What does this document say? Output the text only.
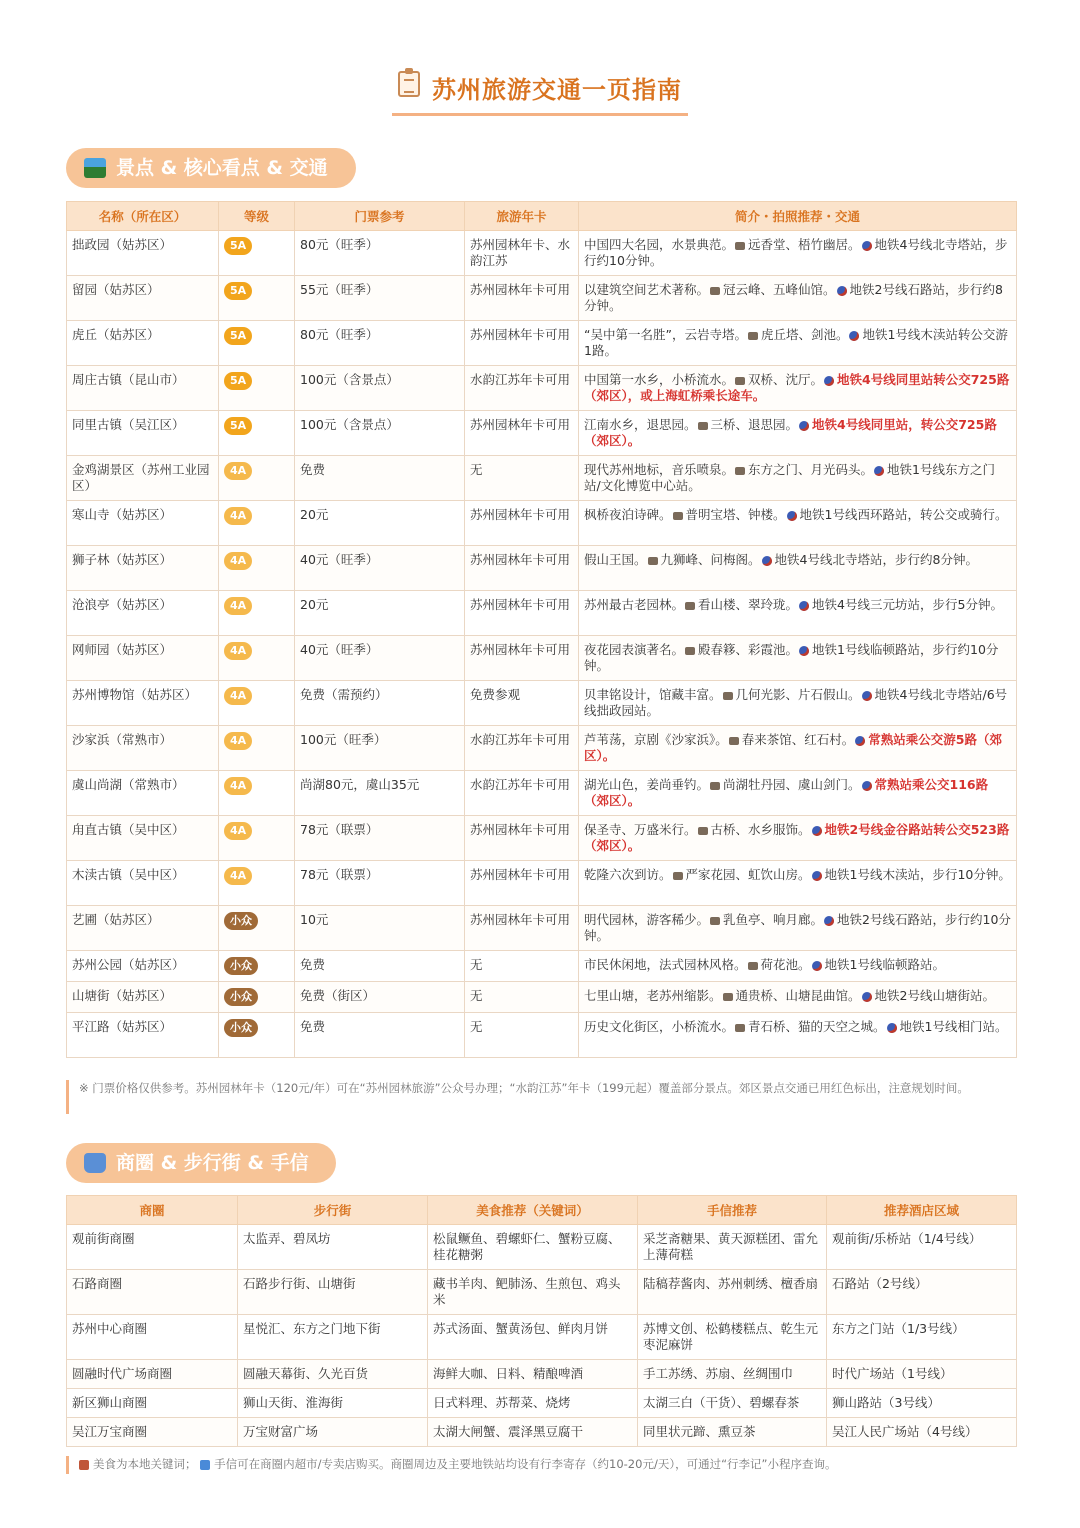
苏州旅游交通一页指南
景点 & 核心看点 & 交通
名称（所在区）	等级	门票参考	旅游年卡	简介・拍照推荐・交通
拙政园（姑苏区）	5A	80元（旺季）	苏州园林年卡、水韵江苏	中国四大名园，水景典范。 远香堂、梧竹幽居。 地铁4号线北寺塔站，步行约10分钟。
留园（姑苏区）	5A	55元（旺季）	苏州园林年卡可用	以建筑空间艺术著称。 冠云峰、五峰仙馆。 地铁2号线石路站，步行约8分钟。
虎丘（姑苏区）	5A	80元（旺季）	苏州园林年卡可用	“吴中第一名胜”，云岩寺塔。 虎丘塔、剑池。 地铁1号线木渎站转公交游1路。
周庄古镇（昆山市）	5A	100元（含景点）	水韵江苏年卡可用	中国第一水乡，小桥流水。 双桥、沈厅。 地铁4号线同里站转公交725路（郊区），或上海虹桥乘长途车。
同里古镇（吴江区）	5A	100元（含景点）	苏州园林年卡可用	江南水乡，退思园。 三桥、退思园。 地铁4号线同里站，转公交725路（郊区）。
金鸡湖景区（苏州工业园区）	4A	免费	无	现代苏州地标，音乐喷泉。 东方之门、月光码头。 地铁1号线东方之门站/文化博览中心站。
寒山寺（姑苏区）	4A	20元	苏州园林年卡可用	枫桥夜泊诗碑。 普明宝塔、钟楼。 地铁1号线西环路站，转公交或骑行。
狮子林（姑苏区）	4A	40元（旺季）	苏州园林年卡可用	假山王国。 九狮峰、问梅阁。 地铁4号线北寺塔站，步行约8分钟。
沧浪亭（姑苏区）	4A	20元	苏州园林年卡可用	苏州最古老园林。 看山楼、翠玲珑。 地铁4号线三元坊站，步行5分钟。
网师园（姑苏区）	4A	40元（旺季）	苏州园林年卡可用	夜花园表演著名。 殿春簃、彩霞池。 地铁1号线临顿路站，步行约10分钟。
苏州博物馆（姑苏区）	4A	免费（需预约）	免费参观	贝聿铭设计，馆藏丰富。 几何光影、片石假山。 地铁4号线北寺塔站/6号线拙政园站。
沙家浜（常熟市）	4A	100元（旺季）	水韵江苏年卡可用	芦苇荡，京剧《沙家浜》。 春来茶馆、红石村。 常熟站乘公交游5路（郊区）。
虞山尚湖（常熟市）	4A	尚湖80元，虞山35元	水韵江苏年卡可用	湖光山色，姜尚垂钓。 尚湖牡丹园、虞山剑门。 常熟站乘公交116路（郊区）。
甪直古镇（吴中区）	4A	78元（联票）	苏州园林年卡可用	保圣寺、万盛米行。 古桥、水乡服饰。 地铁2号线金谷路站转公交523路（郊区）。
木渎古镇（吴中区）	4A	78元（联票）	苏州园林年卡可用	乾隆六次到访。 严家花园、虹饮山房。 地铁1号线木渎站，步行10分钟。
艺圃（姑苏区）	小众	10元	苏州园林年卡可用	明代园林，游客稀少。 乳鱼亭、响月廊。 地铁2号线石路站，步行约10分钟。
苏州公园（姑苏区）	小众	免费	无	市民休闲地，法式园林风格。 荷花池。 地铁1号线临顿路站。
山塘街（姑苏区）	小众	免费（街区）	无	七里山塘，老苏州缩影。 通贵桥、山塘昆曲馆。 地铁2号线山塘街站。
平江路（姑苏区）	小众	免费	无	历史文化街区，小桥流水。 青石桥、猫的天空之城。 地铁1号线相门站。
※ 门票价格仅供参考。苏州园林年卡（120元/年）可在“苏州园林旅游”公众号办理；“水韵江苏”年卡（199元起）覆盖部分景点。郊区景点交通已用红色标出，注意规划时间。
商圈 & 步行街 & 手信
商圈	步行街	美食推荐（关键词）	手信推荐	推荐酒店区域
观前街商圈	太监弄、碧凤坊	松鼠鳜鱼、碧螺虾仁、蟹粉豆腐、桂花糖粥	采芝斋糖果、黄天源糕团、雷允上薄荷糕	观前街/乐桥站（1/4号线）
石路商圈	石路步行街、山塘街	藏书羊肉、鲃肺汤、生煎包、鸡头米	陆稿荐酱肉、苏州刺绣、檀香扇	石路站（2号线）
苏州中心商圈	星悦汇、东方之门地下街	苏式汤面、蟹黄汤包、鲜肉月饼	苏博文创、松鹤楼糕点、乾生元枣泥麻饼	东方之门站（1/3号线）
圆融时代广场商圈	圆融天幕街、久光百货	海鲜大咖、日料、精酿啤酒	手工苏绣、苏扇、丝绸围巾	时代广场站（1号线）
新区狮山商圈	狮山天街、淮海街	日式料理、苏帮菜、烧烤	太湖三白（干货）、碧螺春茶	狮山路站（3号线）
吴江万宝商圈	万宝财富广场	太湖大闸蟹、震泽黑豆腐干	同里状元蹄、熏豆茶	吴江人民广场站（4号线）
美食为本地关键词； 手信可在商圈内超市/专卖店购买。商圈周边及主要地铁站均设有行李寄存（约10-20元/天），可通过“行李记”小程序查询。
